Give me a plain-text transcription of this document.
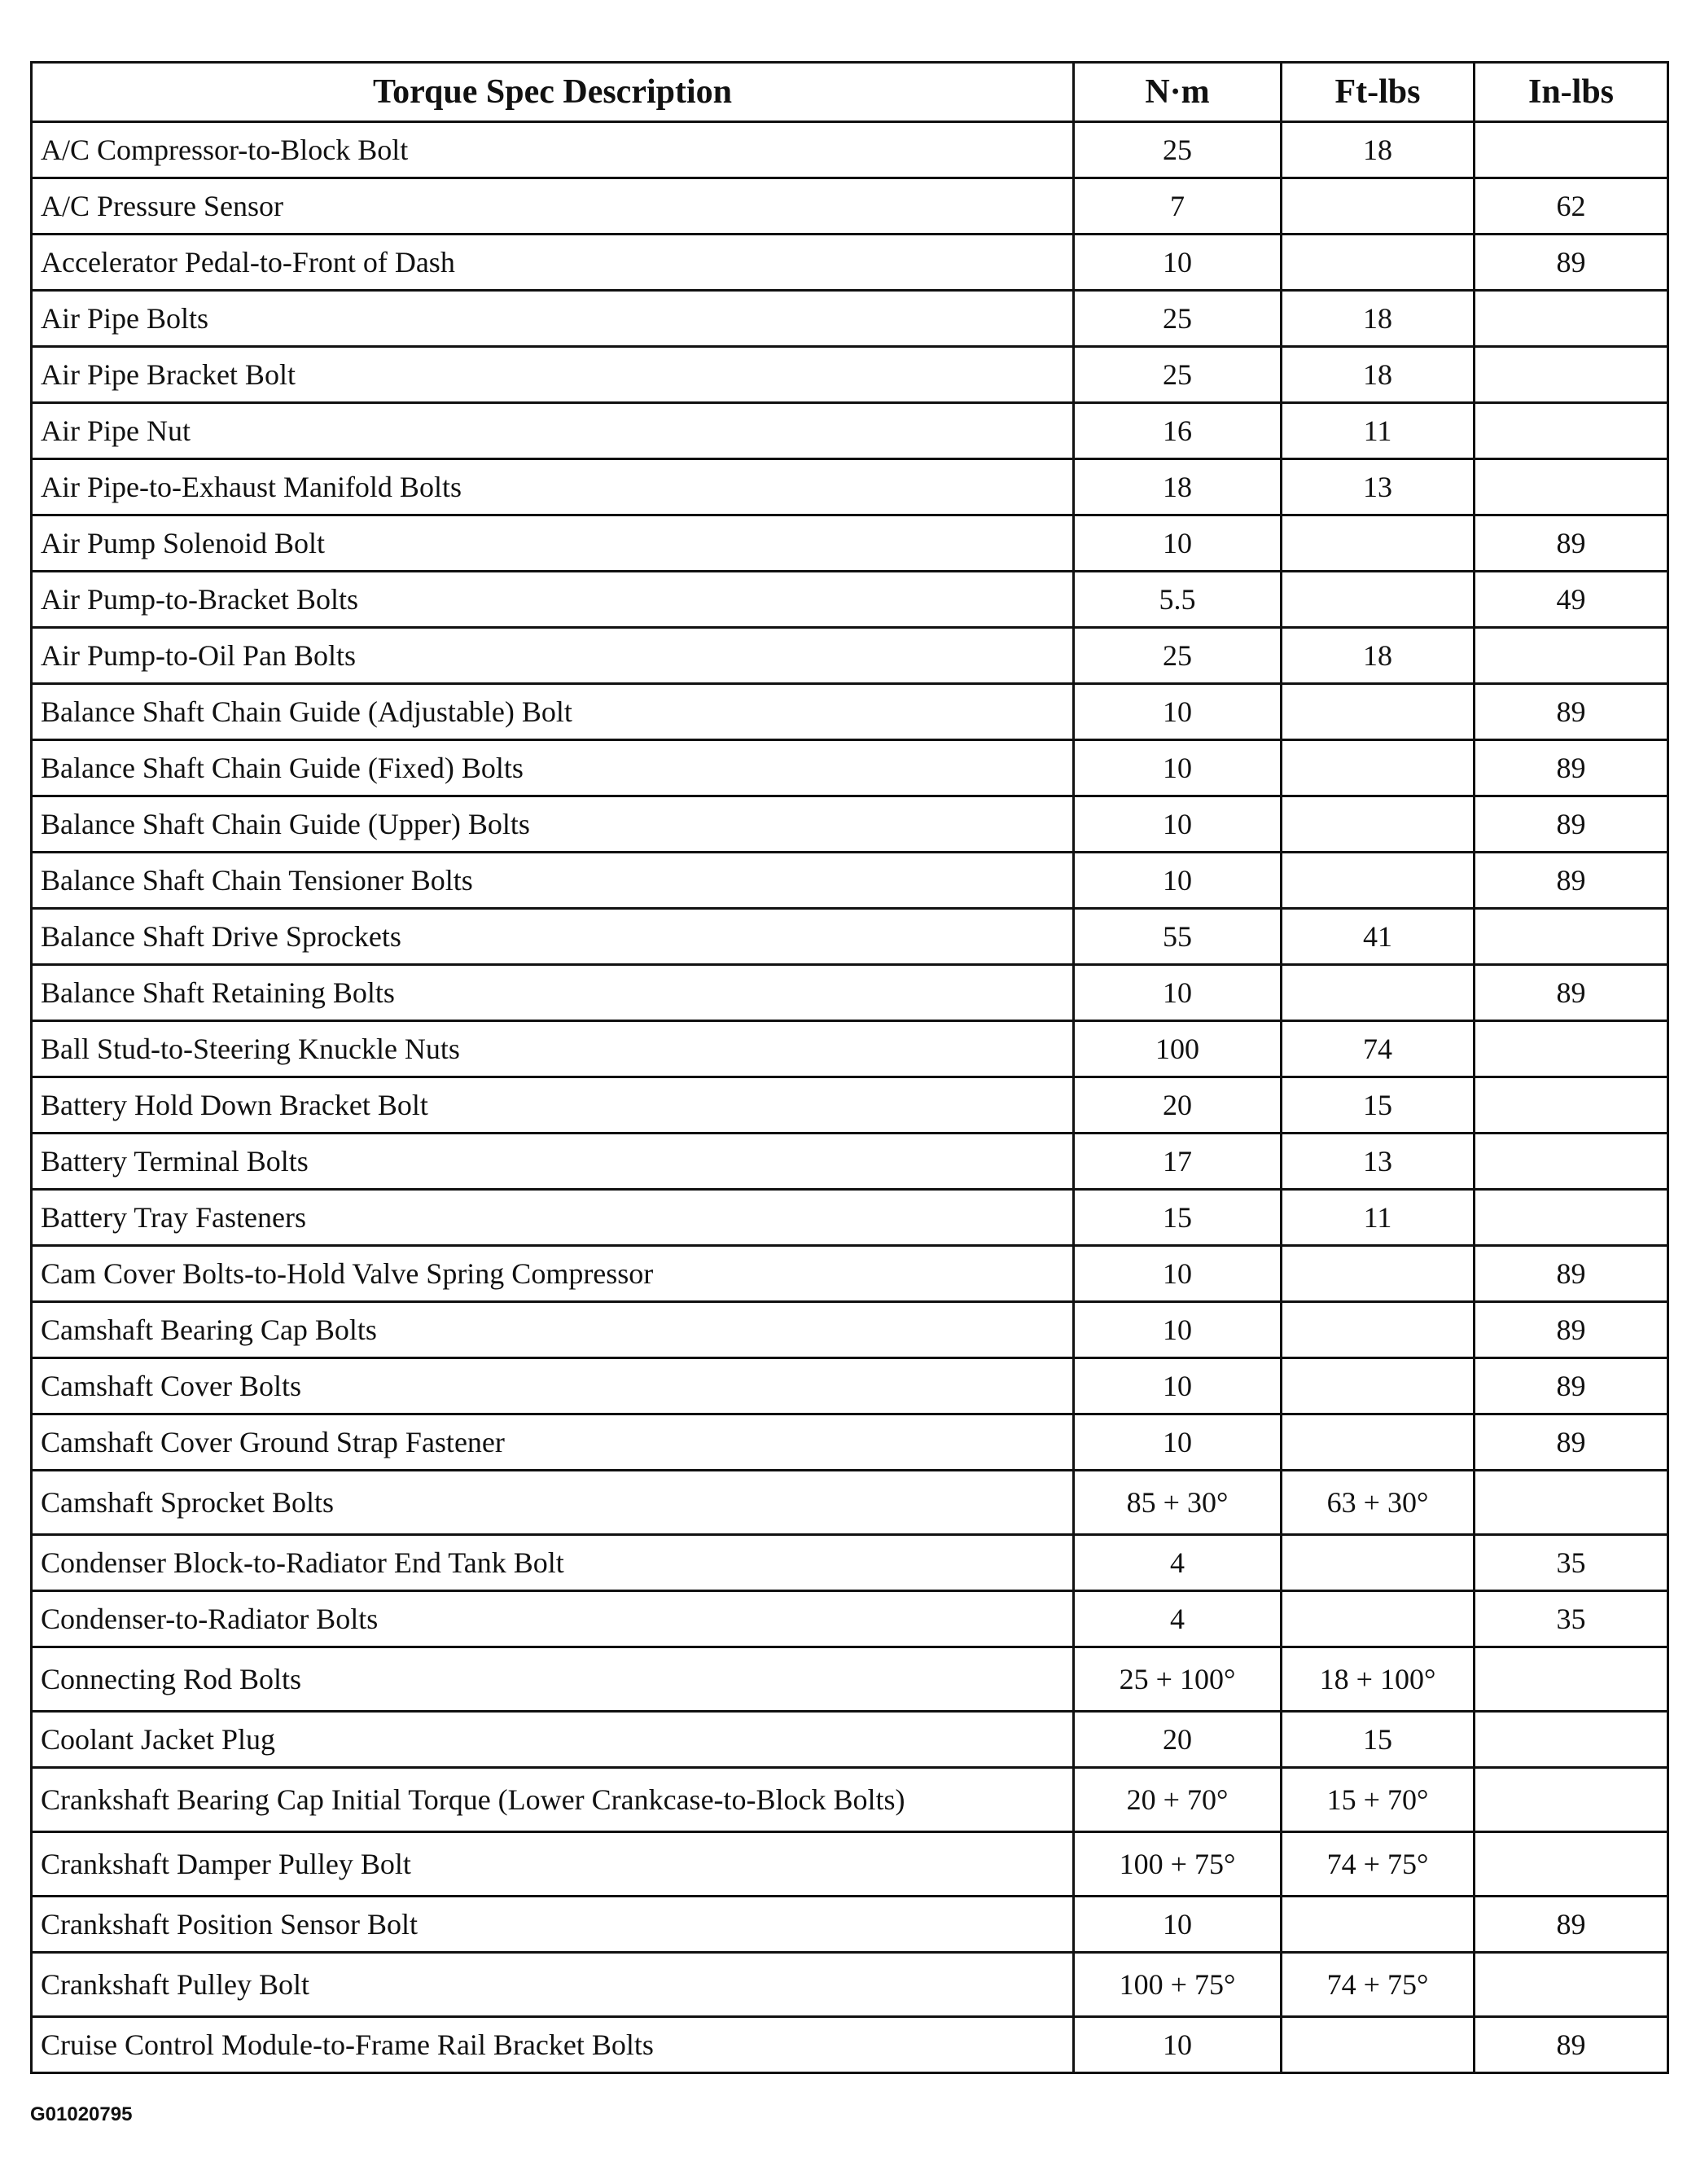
Torque Spec Description	N·m	Ft-lbs	In-lbs
A/C Compressor-to-Block Bolt	25	18	
A/C Pressure Sensor	7		62
Accelerator Pedal-to-Front of Dash	10		89
Air Pipe Bolts	25	18	
Air Pipe Bracket Bolt	25	18	
Air Pipe Nut	16	11	
Air Pipe-to-Exhaust Manifold Bolts	18	13	
Air Pump Solenoid Bolt	10		89
Air Pump-to-Bracket Bolts	5.5		49
Air Pump-to-Oil Pan Bolts	25	18	
Balance Shaft Chain Guide (Adjustable) Bolt	10		89
Balance Shaft Chain Guide (Fixed) Bolts	10		89
Balance Shaft Chain Guide (Upper) Bolts	10		89
Balance Shaft Chain Tensioner Bolts	10		89
Balance Shaft Drive Sprockets	55	41	
Balance Shaft Retaining Bolts	10		89
Ball Stud-to-Steering Knuckle Nuts	100	74	
Battery Hold Down Bracket Bolt	20	15	
Battery Terminal Bolts	17	13	
Battery Tray Fasteners	15	11	
Cam Cover Bolts-to-Hold Valve Spring Compressor	10		89
Camshaft Bearing Cap Bolts	10		89
Camshaft Cover Bolts	10		89
Camshaft Cover Ground Strap Fastener	10		89
Camshaft Sprocket Bolts	85 + 30°	63 + 30°	
Condenser Block-to-Radiator End Tank Bolt	4		35
Condenser-to-Radiator Bolts	4		35
Connecting Rod Bolts	25 + 100°	18 + 100°	
Coolant Jacket Plug	20	15	
Crankshaft Bearing Cap Initial Torque (Lower Crankcase-to-Block Bolts)	20 + 70°	15 + 70°	
Crankshaft Damper Pulley Bolt	100 + 75°	74 + 75°	
Crankshaft Position Sensor Bolt	10		89
Crankshaft Pulley Bolt	100 + 75°	74 + 75°	
Cruise Control Module-to-Frame Rail Bracket Bolts	10		89
G01020795
